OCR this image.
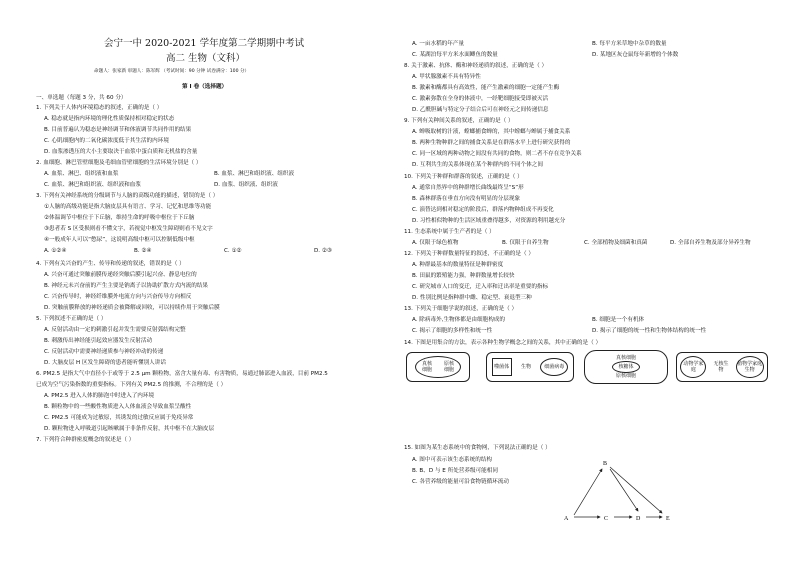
会宁一中 2020-2021 学年度第二学期期中考试
高二 生物（文科）
命题人：张家新 审题人：陈军辉 （考试时间：90 分钟 试卷满分：100 分）
第 I 卷（选择题）
一、单选题（每题 3 分，共 60 分）
1. 下列关于人体内环境稳态的叙述，正确的是（ ）
A. 稳态就是指内环境的理化性质保持相对稳定的状态
B. 目前普遍认为稳态是神经调节和体液调节共同作用的结果
C. 心肌细胞内的二氧化碳浓度低于其生活的内环境
D. 血浆渗透压的大小主要取决于血浆中蛋白质和无机盐的含量
2. 血细胞、淋巴管壁细胞及毛细血管壁细胞的生活环境分别是（ ）
A. 血浆、淋巴、组织液和血浆	B. 血浆、淋巴和组织液、组织液
C. 血浆、淋巴和组织液、组织液和血浆	D. 血浆、组织液、组织液
3. 下列有关神经系统的分级调节与人脑的高级功能的描述，错误的是（ ）
①人脑的高级功能是指大脑皮层具有语言、学习、记忆和思维等功能
②体温调节中枢位于下丘脑，维持生命的呼吸中枢位于下丘脑
③患者若 S 区受损则看不懂文字，若视觉中枢发生障碍则看不见文字
④一般成年人可以“憋尿”，这说明高级中枢可以控制低级中枢
A. ①②④	B. ②④	C. ①②	D. ②③
4. 下列有关兴奋的产生、传导和传递的叙述，错误的是（ ）
A. 兴奋可通过突触前膜传递经突触后膜引起兴奋、静息电位的
B. 神经元未兴奋前的产生主要是钠离子以协助扩散方式内流的结果
C. 兴奋传导时，神经纤维膜外电流方向与兴奋传导方向相反
D. 突触前膜释放的神经递质会被降解或回收，可以持续作用于突触后膜
5. 下列叙述不正确的是（ ）
A. 反射活动由一定的刺激引起并发生需要反射弧结构完整
B. 刺激传出神经能引起效应器发生反射活动
C. 反射活动中需要神经递质参与神经冲动的传递
D. 大脑皮层 H 区发生障碍的患者能听懂别人讲话
6. PM2.5 是指大气中直径小于或等于 2.5 μm 颗粒物，富含大量有毒、有害物质，易通过肺部进入血液，目前 PM2.5
已成为空气污染指数的重要指标。下列有关 PM2.5 的推测，不合理的是（ ）
A. PM2.5 进入人体的肺泡中时进入了内环境
B. 颗粒物中的一些酸性物质进入人体血液会导致血浆呈酸性
C. PM2.5 可能成为过敏原，其诱发的过敏反应属于免疫异常
D. 颗粒物进入呼吸道引起咳嗽属于非条件反射，其中枢不在大脑皮层
7. 下列符合种群密度概念的叙述是（ ）
A. 一亩水稻的年产量	B. 每平方米草地中杂草的数量
C. 某湖泊每平方米水面鲫鱼的数量	D. 某地区灰仓鼠每年新增的个体数
8. 关于激素、抗体、酶和神经递质的叙述，正确的是（ ）
A. 甲状腺激素不具有特异性
B. 激素和酶都具有高效性，能产生激素的细胞一定能产生酶
C. 激素弥散在全身的体液中，一经靶细胞接受即被灭活
D. 乙酰胆碱与特定分子结合后可在神经元之间传递信息
9. 下列有关种间关系的叙述，正确的是（ ）
A. 蝉吸取树的汁液，螳螂捕食蝉的，其中螳螂与蝉属于捕食关系
B. 两种生物种群之间的捕食关系是在群落水平上进行研究获得的
C. 同一区域的两种动物之间没有共同的食物，则二者不存在竞争关系
D. 互利共生的关系体现在某个种群内的不同个体之间
10. 下列关于种群和群落的叙述，正确的是（ ）
A. 通常自然界中的种群增长曲线最终呈“S”形
B. 森林群落在垂直方向没有明显的分层现象
C. 演替达到相对稳定的阶段后，群落内物种组成不再变化
D. 习性相似物种的生活区域重叠得越多，对资源的利用越充分
11. 生态系统中属于生产者的是（ ）
A. 仅限于绿色植物	B. 仅限于自养生物	C. 全部植物及细菌和真菌	D. 全部自养生物及部分异养生物
12. 下列关于种群数量特征的叙述，不正确的是（ ）
A. 种群最基本的数量特征是种群密度
B. 田鼠的繁殖能力强，种群数量增长较快
C. 研究城市人口的变迁，迁入率和迁出率是重要的指标
D. 性别比例是指种群中雌、稳定型、衰退型三种
13. 下列关于细胞学说的叙述，正确的是（ ）
A. 除病毒外,生物体都是由细胞构成的	B. 细胞是一个有机体
C. 揭示了细胞的多样性和统一性	D. 揭示了细胞的统一性和生物体结构的统一性
14. 下图是用集合的方法，表示各种生物学概念之间的关系，其中正确的是（ ）
真核细胞
原核细胞	噬菌体	生物	细菌病毒
真核细胞
核糖体
原核细胞
动物学家庭
无核生物
植物学家庭生物
15. 如图为某生态系统中的食物网，下列说法正确的是（ ）
A. 图中可表示该生态系统的结构
B. B、D 与 E 所处营养级可能相同
C. 各营养级的能量可沿食物链循环流动
B
A	C	D	E
